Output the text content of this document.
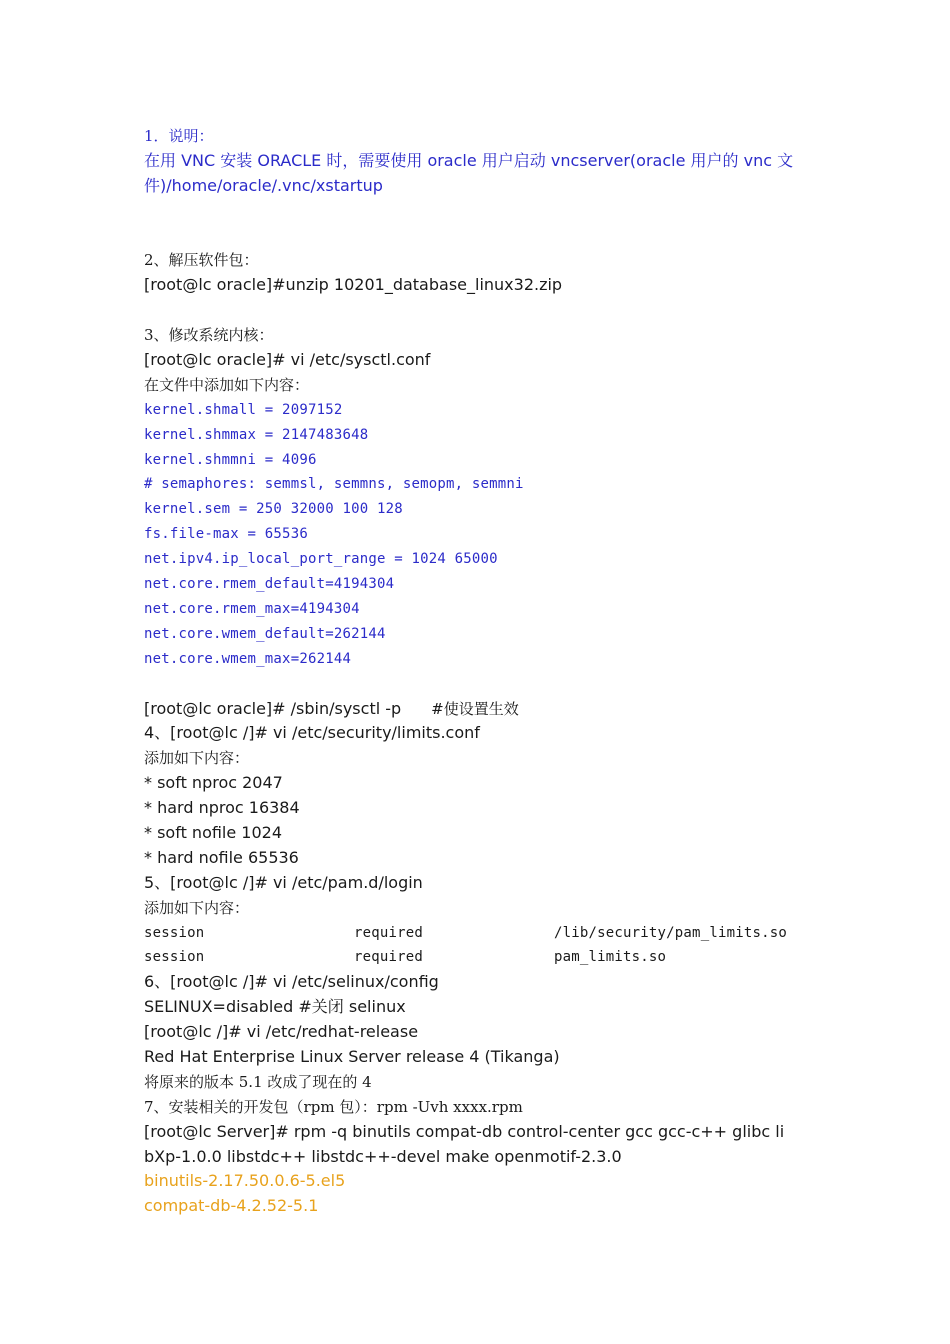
1．说明：

在用 VNC 安装 ORACLE 时，需要使用 oracle 用户启动 vncserver(oracle 用户的 vnc 文

件)/home/oracle/.vnc/xstartup

2、解压软件包：

[root@lc oracle]#unzip 10201_database_linux32.zip

3、修改系统内核：

[root@lc oracle]# vi /etc/sysctl.conf

在文件中添加如下内容：

kernel.shmall = 2097152

kernel.shmmax = 2147483648

kernel.shmmni = 4096

# semaphores: semmsl, semmns, semopm, semmni

kernel.sem = 250 32000 100 128

fs.file-max = 65536

net.ipv4.ip_local_port_range = 1024 65000

net.core.rmem_default=4194304

net.core.rmem_max=4194304

net.core.wmem_default=262144

net.core.wmem_max=262144

[root@lc oracle]# /sbin/sysctl -p #使设置生效

4、[root@lc /]# vi /etc/security/limits.conf

添加如下内容：

* soft nproc 2047

* hard nproc 16384

* soft nofile 1024

* hard nofile 65536

5、[root@lc /]# vi /etc/pam.d/login

添加如下内容：

session	required	/lib/security/pam_limits.so

session	required	pam_limits.so

6、[root@lc /]# vi /etc/selinux/config

SELINUX=disabled #关闭 selinux

[root@lc /]# vi /etc/redhat-release

Red Hat Enterprise Linux Server release 4 (Tikanga)

将原来的版本 5.1 改成了现在的 4

7、安装相关的开发包（rpm 包）：rpm -Uvh xxxx.rpm

[root@lc Server]# rpm -q binutils compat-db control-center gcc gcc-c++ glibc li

bXp-1.0.0 libstdc++ libstdc++-devel make openmotif-2.3.0

binutils-2.17.50.0.6-5.el5

compat-db-4.2.52-5.1
